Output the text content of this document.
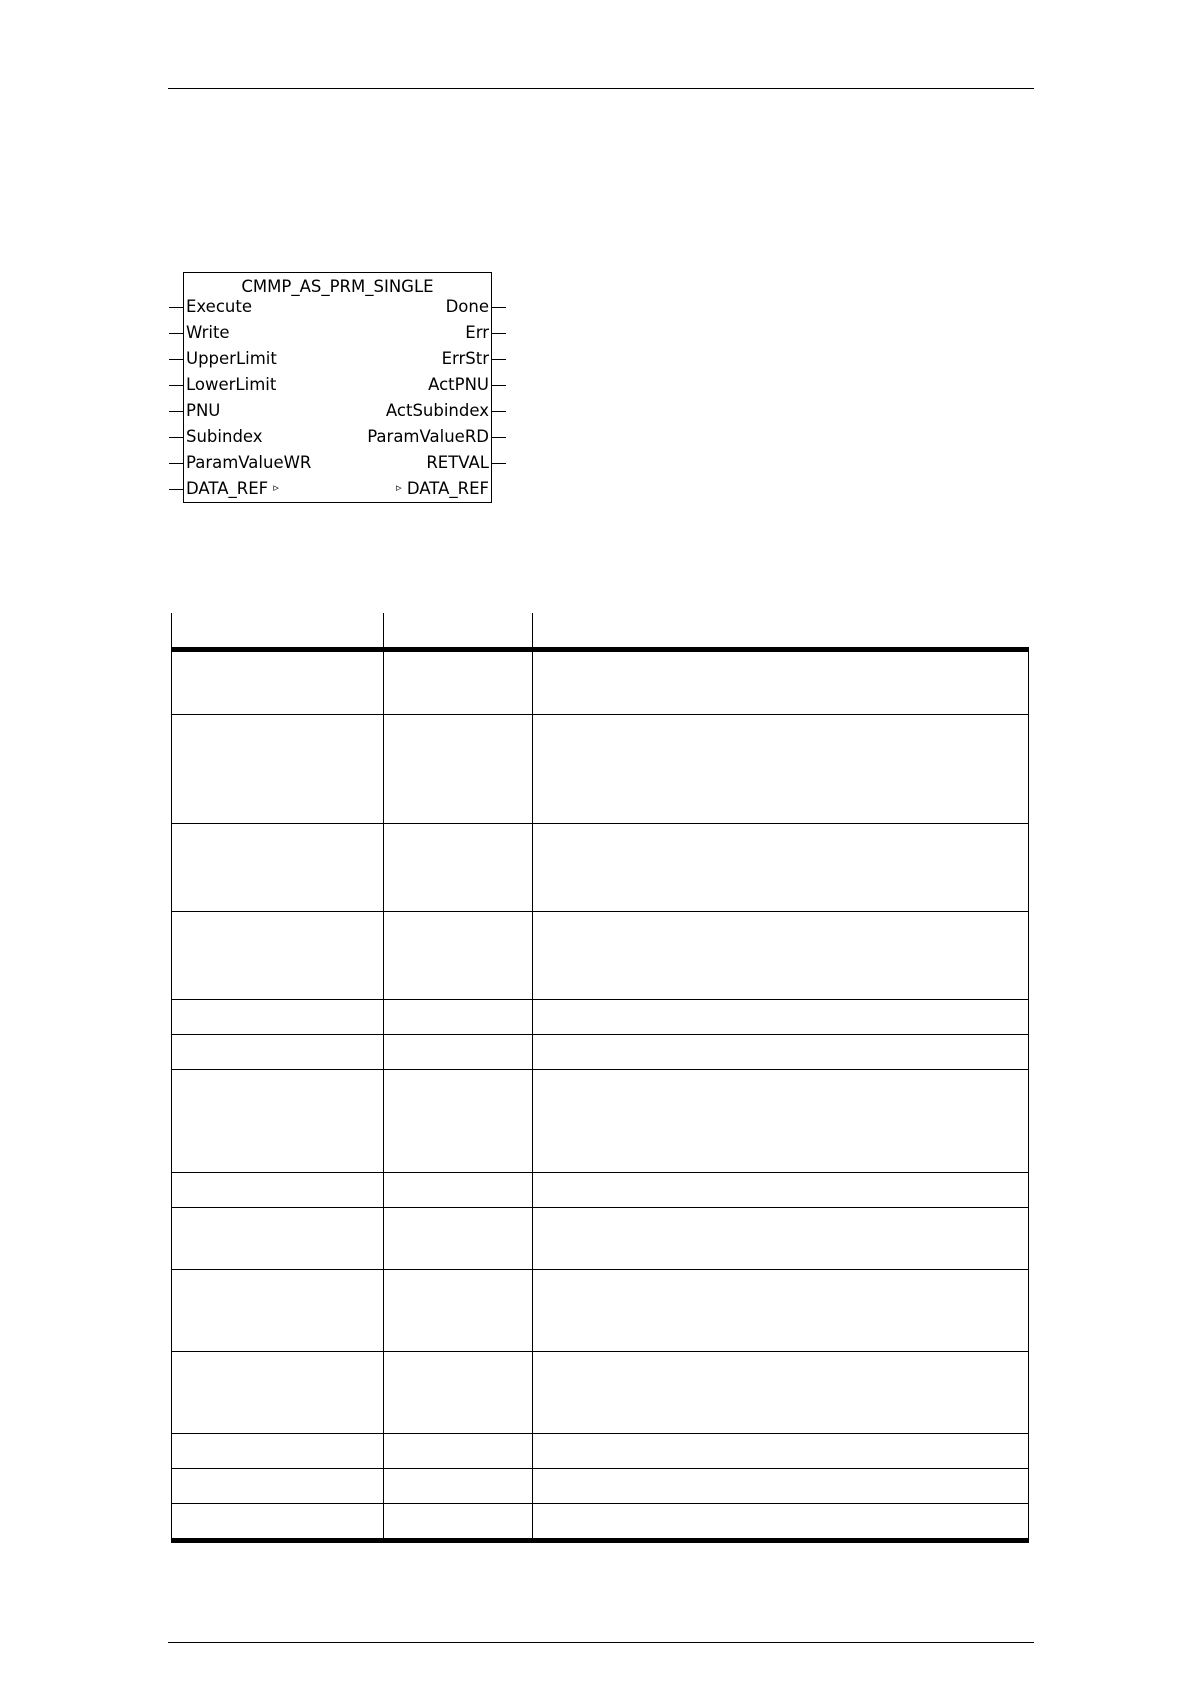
CMMP_AS_PRM_SINGLE
Execute
Write
UpperLimit
LowerLimit
PNU
Subindex
ParamValueWR
DATA_REF ▹
Done
Err
ErrStr
ActPNU
ActSubindex
ParamValueRD
RETVAL
▹ DATA_REF
